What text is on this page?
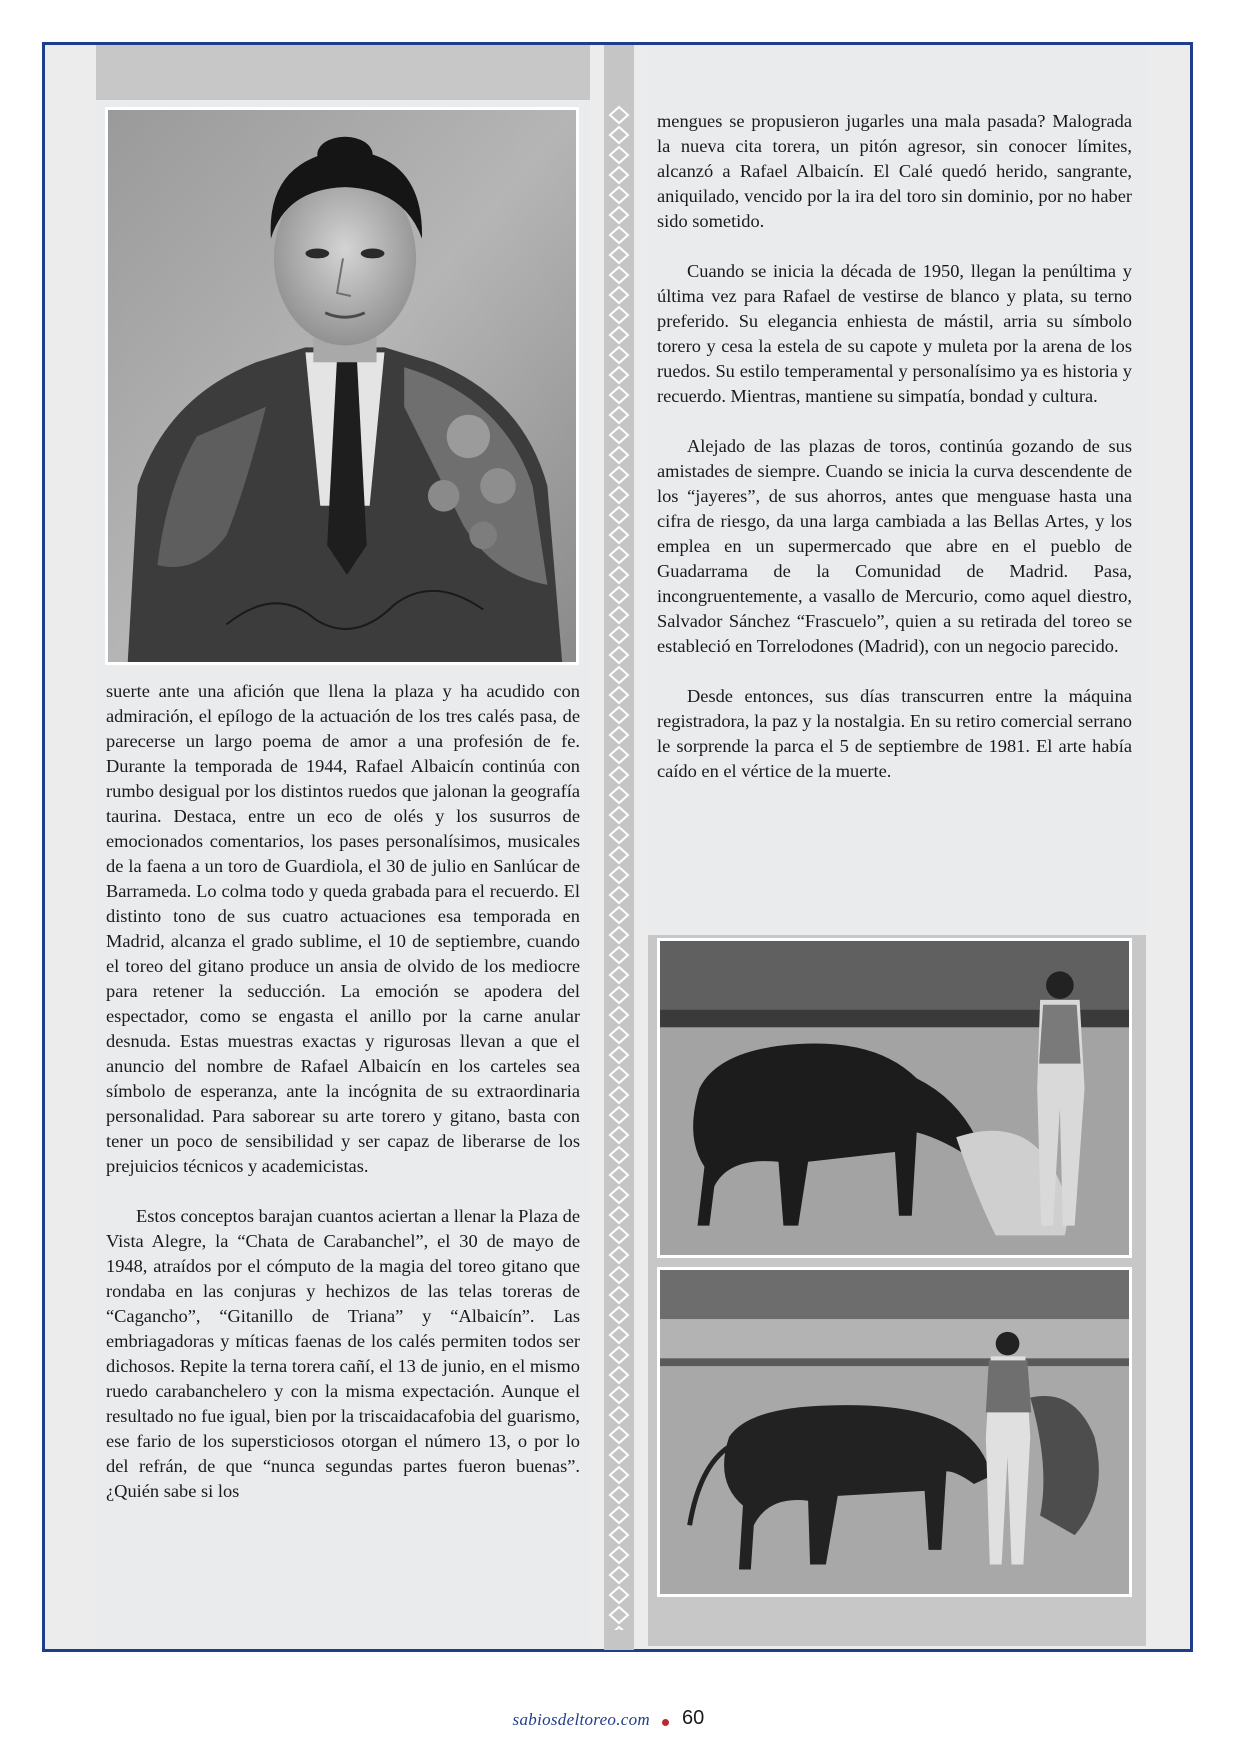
suerte ante una afición que llena la plaza y ha acudido con admiración, el epílogo de la actuación de los tres calés pasa, de parecerse un largo poema de amor a una profesión de fe. Durante la temporada de 1944, Rafael Albaicín continúa con rumbo desigual por los distintos ruedos que jalonan la geografía taurina. Destaca, entre un eco de olés y los susurros de emocionados comentarios, los pases personalísimos, musicales de la faena a un toro de Guardiola, el 30 de julio en Sanlúcar de Barrameda. Lo colma todo y queda grabada para el recuerdo. El distinto tono de sus cuatro actuaciones esa temporada en Madrid, alcanza el grado sublime, el 10 de septiembre, cuando el toreo del gitano produce un ansia de olvido de los mediocre para retener la seducción. La emoción se apodera del espectador, como se engasta el anillo por la carne anular desnuda. Estas muestras exactas y rigurosas llevan a que el anuncio del nombre de Rafael Albaicín en los carteles sea símbolo de esperanza, ante la incógnita de su extraordinaria personalidad. Para saborear su arte torero y gitano, basta con tener un poco de sensibilidad y ser capaz de liberarse de los prejuicios técnicos y academicistas.

Estos conceptos barajan cuantos aciertan a llenar la Plaza de Vista Alegre, la “Chata de Carabanchel”, el 30 de mayo de 1948, atraídos por el cómputo de la magia del toreo gitano que rondaba en las conjuras y hechizos de las telas toreras de “Cagancho”, “Gitanillo de Triana” y “Albaicín”. Las embriagadoras y míticas faenas de los calés permiten todos ser dichosos. Repite la terna torera cañí, el 13 de junio, en el mismo ruedo carabanchelero y con la misma expectación. Aunque el resultado no fue igual, bien por la triscaidacafobia del guarismo, ese fario de los supersticiosos otorgan el número 13, o por lo del refrán, de que “nunca segundas partes fueron buenas”. ¿Quién sabe si los

mengues se propusieron jugarles una mala pasada? Malograda la nueva cita torera, un pitón agresor, sin conocer límites, alcanzó a Rafael Albaicín. El Calé quedó herido, sangrante, aniquilado, vencido por la ira del toro sin dominio, por no haber sido sometido.

Cuando se inicia la década de 1950, llegan la penúltima y última vez para Rafael de vestirse de blanco y plata, su terno preferido. Su elegancia enhiesta de mástil, arria su símbolo torero y cesa la estela de su capote y muleta por la arena de los ruedos. Su estilo temperamental y personalísimo ya es historia y recuerdo. Mientras, mantiene su simpatía, bondad y cultura.

Alejado de las plazas de toros, continúa gozando de sus amistades de siempre. Cuando se inicia la curva descendente de los “jayeres”, de sus ahorros, antes que menguase hasta una cifra de riesgo, da una larga cambiada a las Bellas Artes, y los emplea en un supermercado que abre en el pueblo de Guadarrama de la Comunidad de Madrid. Pasa, incongruentemente, a vasallo de Mercurio, como aquel diestro, Salvador Sánchez “Frascuelo”, quien a su retirada del toreo se estableció en Torrelodones (Madrid), con un negocio parecido.

Desde entonces, sus días transcurren entre la máquina registradora, la paz y la nostalgia. En su retiro comercial serrano le sorprende la parca el 5 de septiembre de 1981. El arte había caído en el vértice de la muerte.

sabiosdeltoreo.com 60
